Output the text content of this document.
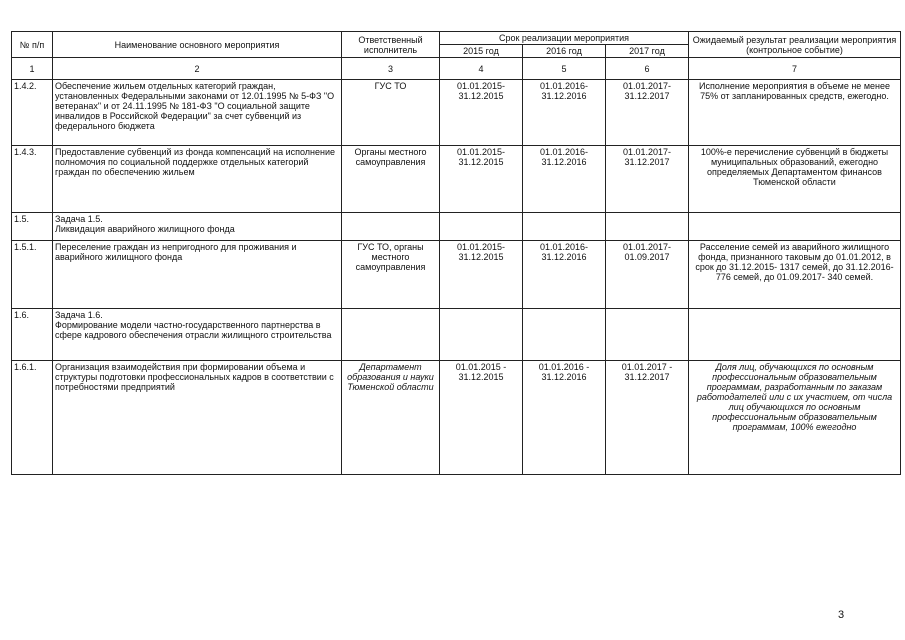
№ п/п	Наименование основного мероприятия	Ответственный исполнитель	Срок реализации мероприятия			Ожидаемый результат реализации мероприятия (контрольное событие)
			2015 год	2016 год	2017 год	
1	2	3	4	5	6	7
1.4.2.	Обеспечение жильем отдельных категорий граждан, установленных Федеральными законами от 12.01.1995 № 5-ФЗ "О ветеранах" и от 24.11.1995 № 181-ФЗ "О социальной защите инвалидов в Российской Федерации" за счет субвенций из федерального бюджета	ГУС ТО	01.01.2015- 31.12.2015	01.01.2016- 31.12.2016	01.01.2017- 31.12.2017	Исполнение мероприятия в объеме не менее 75% от запланированных средств, ежегодно.
1.4.3.	Предоставление субвенций из фонда компенсаций на исполнение полномочия по социальной поддержке отдельных категорий граждан по обеспечению жильем	Органы местного самоуправления	01.01.2015- 31.12.2015	01.01.2016- 31.12.2016	01.01.2017- 31.12.2017	100%-е перечисление субвенций в бюджеты муниципальных образований, ежегодно определяемых Департаментом финансов Тюменской области
1.5.	Задача 1.5.
Ликвидация аварийного жилищного фонда					

1.5.1.	Переселение граждан из непригодного для проживания и аварийного жилищного фонда	ГУС ТО, органы местного самоуправления	01.01.2015- 31.12.2015	01.01.2016- 31.12.2016	01.01.2017- 01.09.2017	Расселение семей из аварийного жилищного фонда, признанного таковым до 01.01.2012, в срок до 31.12.2015- 1317 семей, до 31.12.2016- 776 семей, до 01.09.2017- 340 семей.
1.6.	Задача 1.6.
Формирование модели частно-государственного партнерства в сфере кадрового обеспечения отрасли жилищного строительства					

1.6.1.	Организация взаимодействия при формировании объема и структуры подготовки профессиональных кадров в соответствии с потребностями предприятий	Департамент образования и науки Тюменской области	01.01.2015 - 31.12.2015	01.01.2016 - 31.12.2016	01.01.2017 - 31.12.2017	Доля лиц, обучающихся по основным профессиональным образовательным программам, разработанным по заказам работодателей или с их участием, от числа лиц обучающихся по основным профессиональным образовательным программам, 100% ежегодно
3
